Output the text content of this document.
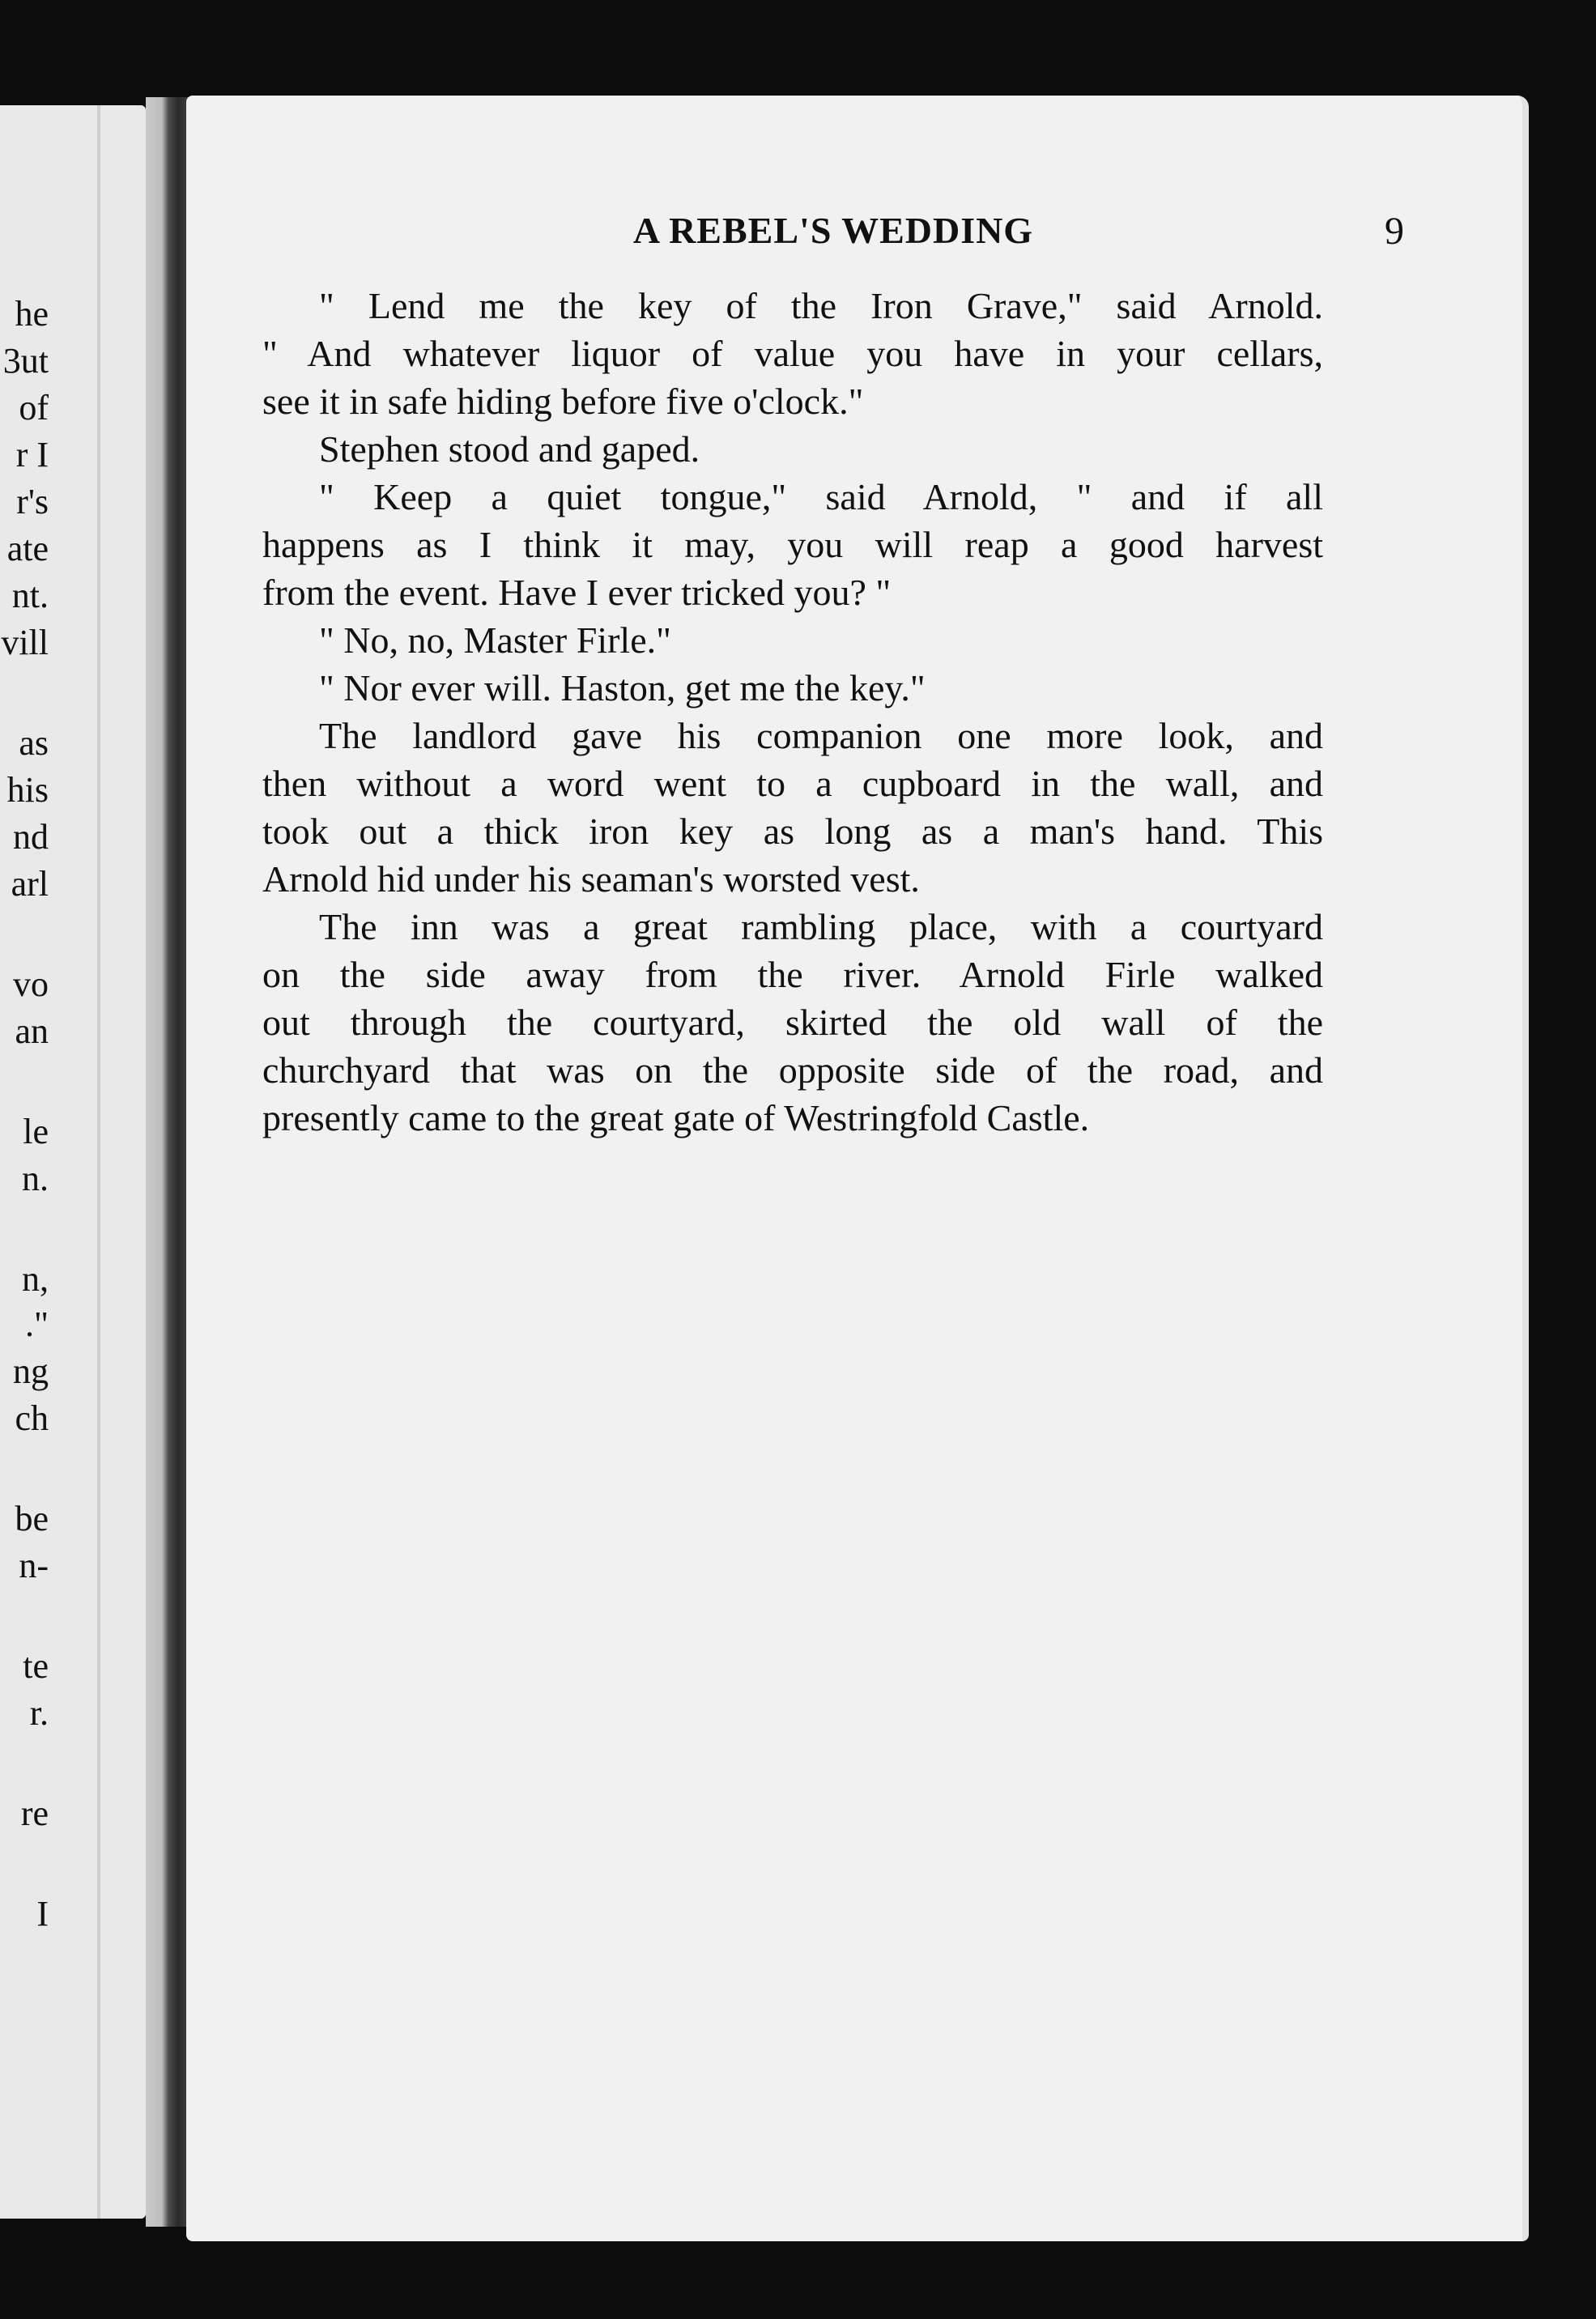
he
3ut
of
r I
r's
ate
nt.
vill
as
his
nd
arl
vo
an
le
n.
n,
."
ng
ch
be
n-
te
r.
re
I
A REBEL'S WEDDING	9
" Lend me the key of the Iron Grave," said Arnold.
" And whatever liquor of value you have in your cellars,
see it in safe hiding before five o'clock."
Stephen stood and gaped.
" Keep a quiet tongue," said Arnold, " and if all
happens as I think it may, you will reap a good harvest
from the event. Have I ever tricked you? "
" No, no, Master Firle."
" Nor ever will. Haston, get me the key."
The landlord gave his companion one more look, and
then without a word went to a cupboard in the wall, and
took out a thick iron key as long as a man's hand. This
Arnold hid under his seaman's worsted vest.
The inn was a great rambling place, with a courtyard
on the side away from the river. Arnold Firle walked
out through the courtyard, skirted the old wall of the
churchyard that was on the opposite side of the road, and
presently came to the great gate of Westringfold Castle.
